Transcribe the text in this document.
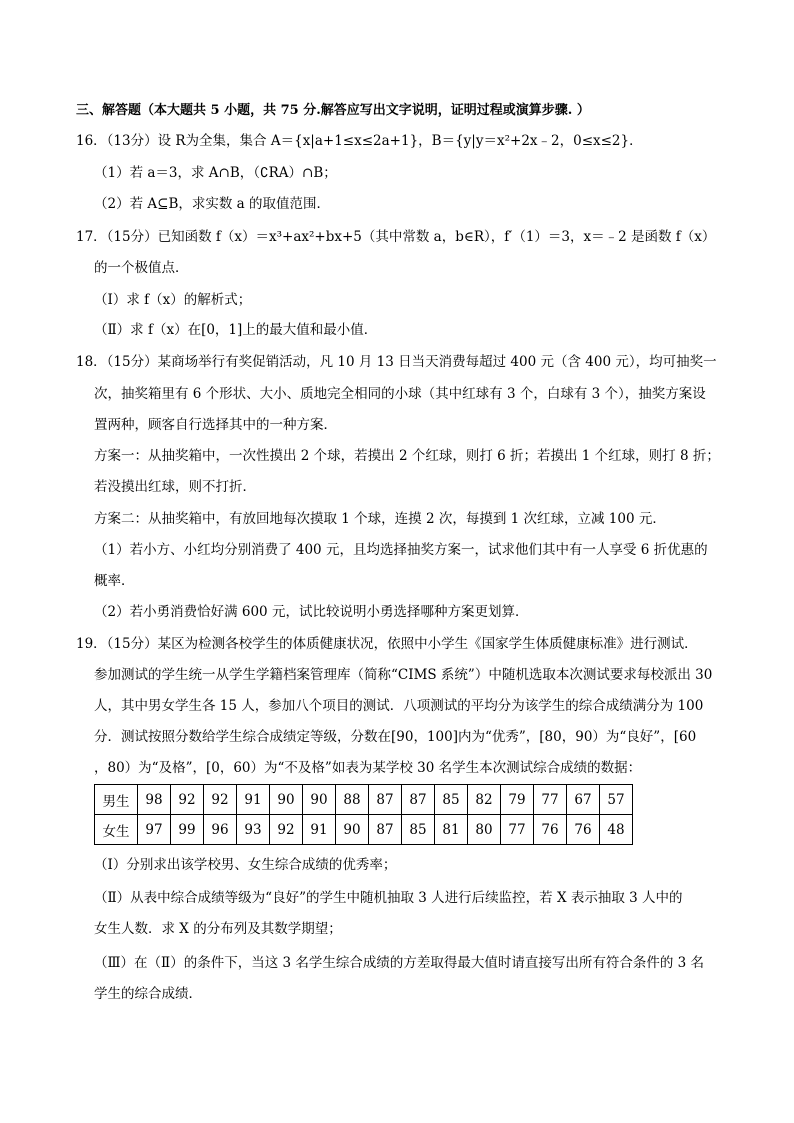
三、解答题（本大题共 5 小题，共 75 分.解答应写出文字说明，证明过程或演算步骤. ）
16．（13分）设 R为全集，集合 A＝{x|a+1≤x≤2a+1}，B＝{y|y＝x²+2x﹣2，0≤x≤2}．
（1）若 a＝3，求 A∩B，（∁RA）∩B；
（2）若 A⊆B，求实数 a 的取值范围．
17．（15分）已知函数 f（x）＝x³+ax²+bx+5（其中常数 a，b∈R），f′（1）＝3，x＝﹣2 是函数 f（x）
的一个极值点．
（Ⅰ）求 f（x）的解析式；
（Ⅱ）求 f（x）在[0，1]上的最大值和最小值．
18．（15分）某商场举行有奖促销活动，凡 10 月 13 日当天消费每超过 400 元（含 400 元），均可抽奖一
次，抽奖箱里有 6 个形状、大小、质地完全相同的小球（其中红球有 3 个，白球有 3 个），抽奖方案设
置两种，顾客自行选择其中的一种方案．
方案一：从抽奖箱中，一次性摸出 2 个球，若摸出 2 个红球，则打 6 折；若摸出 1 个红球，则打 8 折；
若没摸出红球，则不打折．
方案二：从抽奖箱中，有放回地每次摸取 1 个球，连摸 2 次，每摸到 1 次红球，立减 100 元．
（1）若小方、小红均分别消费了 400 元，且均选择抽奖方案一，试求他们其中有一人享受 6 折优惠的
概率．
（2）若小勇消费恰好满 600 元，试比较说明小勇选择哪种方案更划算．
19．（15分）某区为检测各校学生的体质健康状况，依照中小学生《国家学生体质健康标准》进行测试．
参加测试的学生统一从学生学籍档案管理库（简称“CIMS 系统”）中随机选取本次测试要求每校派出 30
人，其中男女学生各 15 人，参加八个项目的测试．八项测试的平均分为该学生的综合成绩满分为 100
分．测试按照分数给学生综合成绩定等级，分数在[90，100]内为“优秀”，[80，90）为“良好”，[60
，80）为“及格”，[0，60）为“不及格”如表为某学校 30 名学生本次测试综合成绩的数据：
男生	98	92	92	91	90	90	88	87	87	85	82	79	77	67	57
女生	97	99	96	93	92	91	90	87	85	81	80	77	76	76	48
（Ⅰ）分别求出该学校男、女生综合成绩的优秀率；
（Ⅱ）从表中综合成绩等级为“良好”的学生中随机抽取 3 人进行后续监控，若 X 表示抽取 3 人中的
女生人数．求 X 的分布列及其数学期望；
（Ⅲ）在（Ⅱ）的条件下，当这 3 名学生综合成绩的方差取得最大值时请直接写出所有符合条件的 3 名
学生的综合成绩．
